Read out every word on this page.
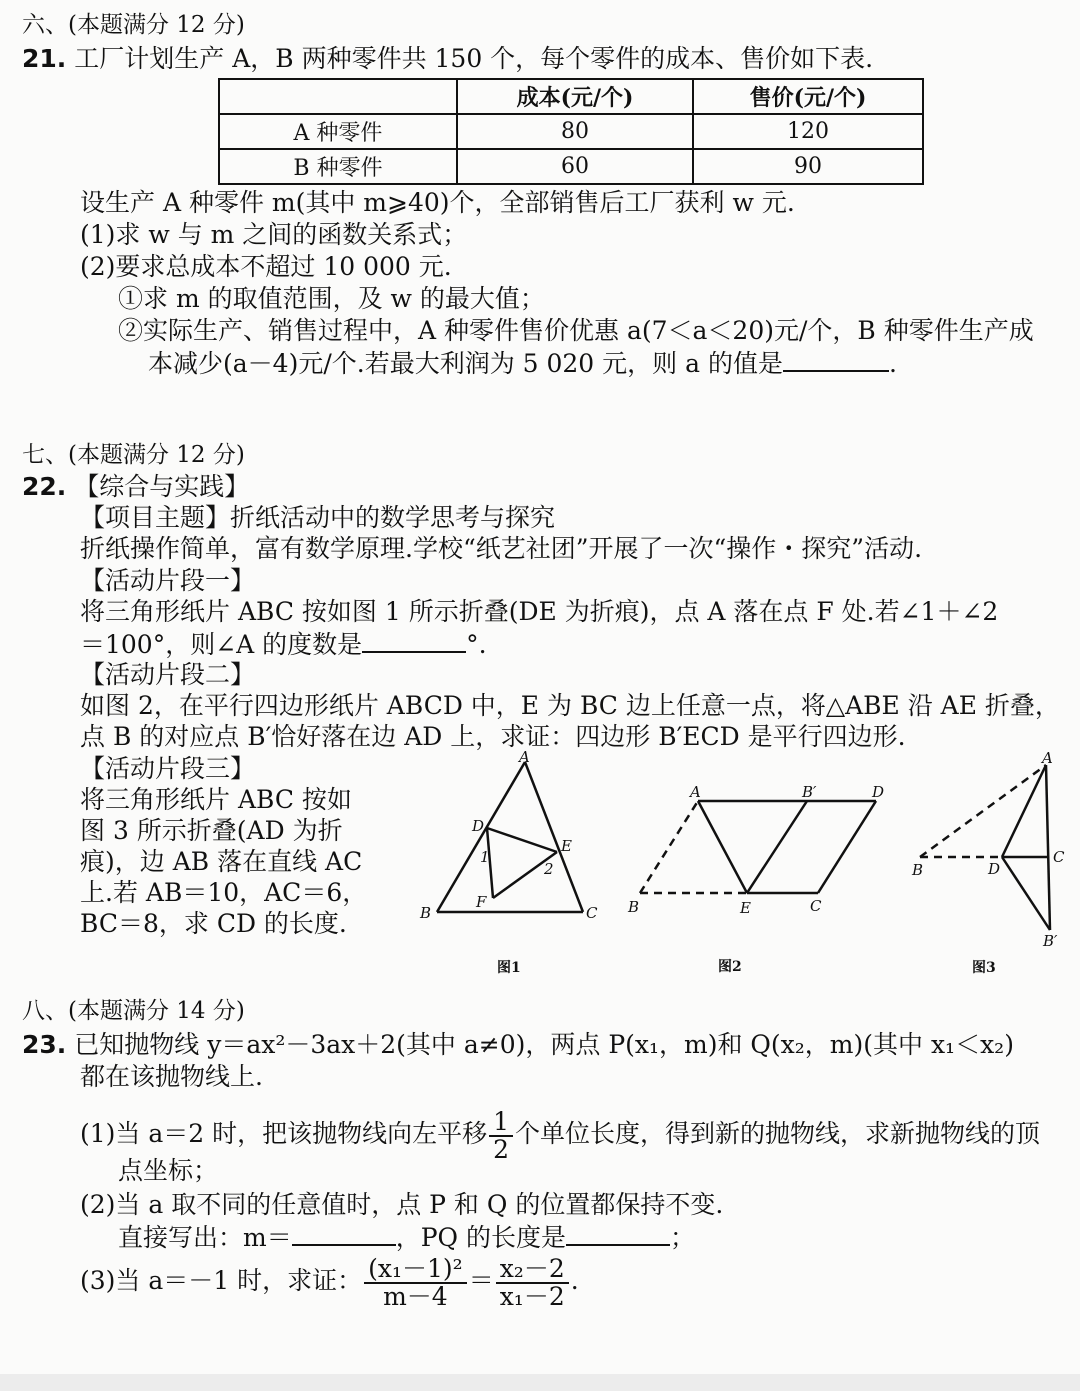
六、(本题满分 12 分)
21. 工厂计划生产 A，B 两种零件共 150 个，每个零件的成本、售价如下表.
	成本(元/个)	售价(元/个)
A 种零件	80	120
B 种零件	60	90
设生产 A 种零件 m(其中 m⩾40)个，全部销售后工厂获利 w 元.
(1)求 w 与 m 之间的函数关系式；
(2)要求总成本不超过 10 000 元.
①求 m 的取值范围，及 w 的最大值；
②实际生产、销售过程中，A 种零件售价优惠 a(7＜a＜20)元/个，B 种零件生产成
本减少(a－4)元/个.若最大利润为 5 020 元，则 a 的值是	.
七、(本题满分 12 分)
22. 【综合与实践】
【项目主题】折纸活动中的数学思考与探究
折纸操作简单，富有数学原理.学校“纸艺社团”开展了一次“操作・探究”活动.
【活动片段一】
将三角形纸片 ABC 按如图 1 所示折叠(DE 为折痕)，点 A 落在点 F 处.若∠1＋∠2
＝100°，则∠A 的度数是	°.
【活动片段二】
如图 2，在平行四边形纸片 ABCD 中，E 为 BC 边上任意一点，将△ABE 沿 AE 折叠，
点 B 的对应点 B′恰好落在边 AD 上，求证：四边形 B′ECD 是平行四边形.
【活动片段三】
将三角形纸片 ABC 按如
图 3 所示折叠(AD 为折
痕)，边 AB 落在直线 AC
上.若 AB＝10，AC＝6，
BC＝8，求 CD 的长度.
A
B	C
D
E
F
1
2
图1
A	B′	D
B	E	C
图2
A
B	D
C
B′
图3
八、(本题满分 14 分)
23. 已知抛物线 y＝ax²－3ax＋2(其中 a≠0)，两点 P(x₁，m)和 Q(x₂，m)(其中 x₁＜x₂)
都在该抛物线上.
(1)当 a＝2 时，把该抛物线向左平移 $\frac{1}{2}$ 个单位长度，得到新的抛物线，求新抛物线的顶
点坐标；
(2)当 a 取不同的任意值时，点 P 和 Q 的位置都保持不变.
直接写出：m＝	，PQ 的长度是	；
(3)当 a＝－1 时，求证： $\frac{\text{(x₁－1)²}}{m-4} = \frac{\text{x₂－2}}{\text{x₁－2}}$ .
